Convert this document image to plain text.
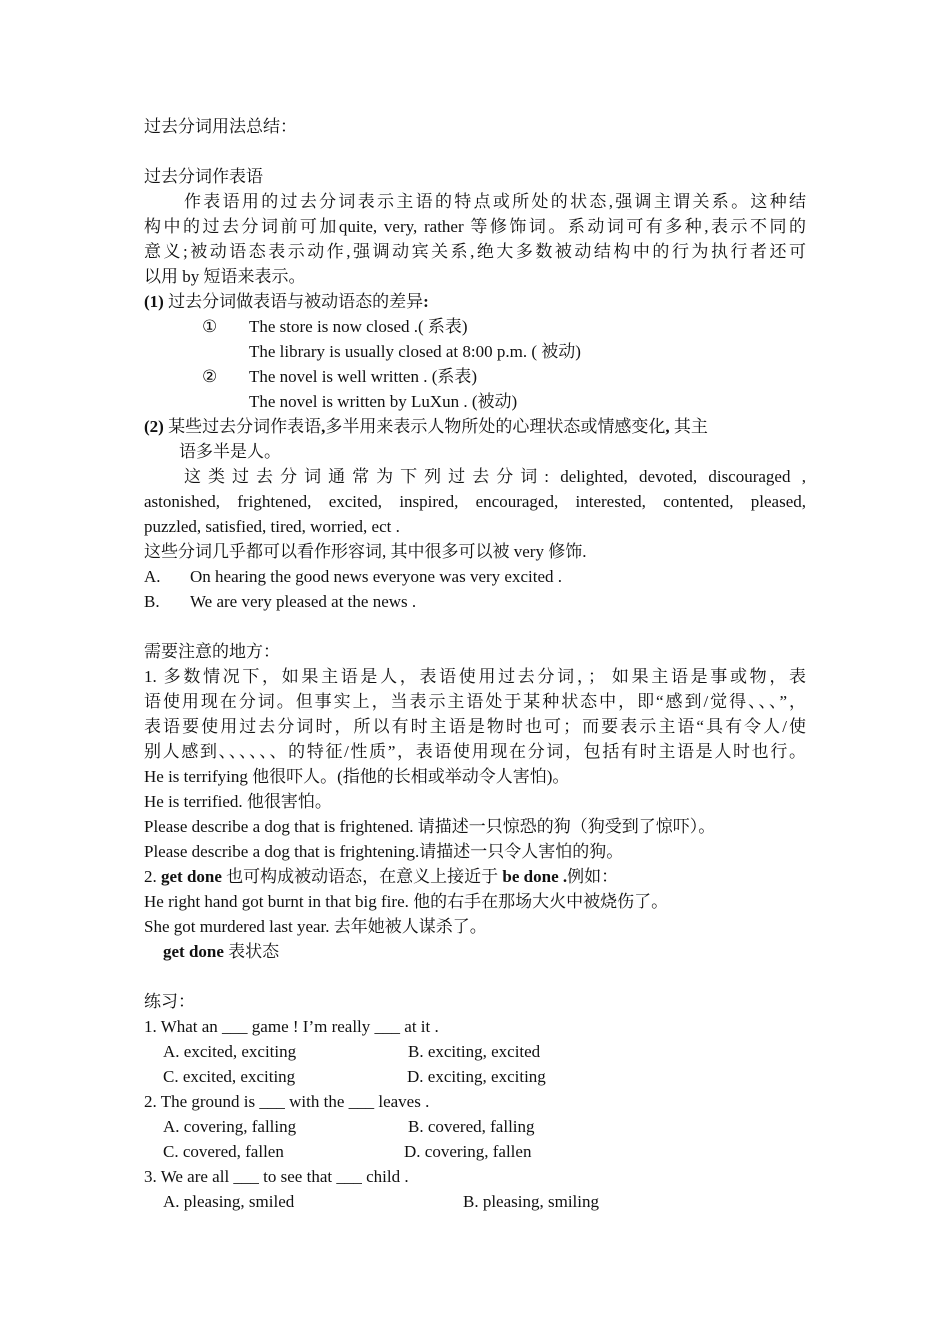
过去分词用法总结：
过去分词作表语
作表语用的过去分词表示主语的特点或所处的状态,强调主谓关系。这种结
构中的过去分词前可加quite, very, rather 等修饰词。系动词可有多种,表示不同的
意义;被动语态表示动作,强调动宾关系,绝大多数被动结构中的行为执行者还可
以用 by 短语来表示。
(1) 过去分词做表语与被动语态的差异:
① The store is now closed .( 系表)
The library is usually closed at 8:00 p.m. ( 被动)
② The novel is well written . (系表)
The novel is written by LuXun . (被动)
(2) 某些过去分词作表语,多半用来表示人物所处的心理状态或情感变化, 其主
语多半是人。
这类过去分词通常为下列过去分词: delighted, devoted, discouraged ,
astonished, frightened, excited, inspired, encouraged, interested, contented, pleased,
puzzled, satisfied, tired, worried, ect .
这些分词几乎都可以看作形容词, 其中很多可以被 very 修饰.
A. On hearing the good news everyone was very excited .
B. We are very pleased at the news .
需要注意的地方：
1. 多数情况下，如果主语是人，表语使用过去分词，； 如果主语是事或物，表
语使用现在分词。但事实上，当表示主语处于某种状态中，即“感到/觉得、、、”，
表语要使用过去分词时，所以有时主语是物时也可；而要表示主语“具有令人/使
别人感到、、、、、、的特征/性质”，表语使用现在分词，包括有时主语是人时也行。
He is terrifying 他很吓人。(指他的长相或举动令人害怕)。
He is terrified. 他很害怕。
Please describe a dog that is frightened. 请描述一只惊恐的狗（狗受到了惊吓）。
Please describe a dog that is frightening.请描述一只令人害怕的狗。
2. get done 也可构成被动语态，在意义上接近于 be done .例如：
He right hand got burnt in that big fire. 他的右手在那场大火中被烧伤了。
She got murdered last year. 去年她被人谋杀了。
get done 表状态
练习：
1. What an ___ game ! I’m really ___ at it .
A. excited, exciting	B. exciting, excited
C. excited, exciting	D. exciting, exciting
2. The ground is ___ with the ___ leaves .
A. covering, falling	B. covered, falling
C. covered, fallen	D. covering, fallen
3. We are all ___ to see that ___ child .
A. pleasing, smiled	B. pleasing, smiling
